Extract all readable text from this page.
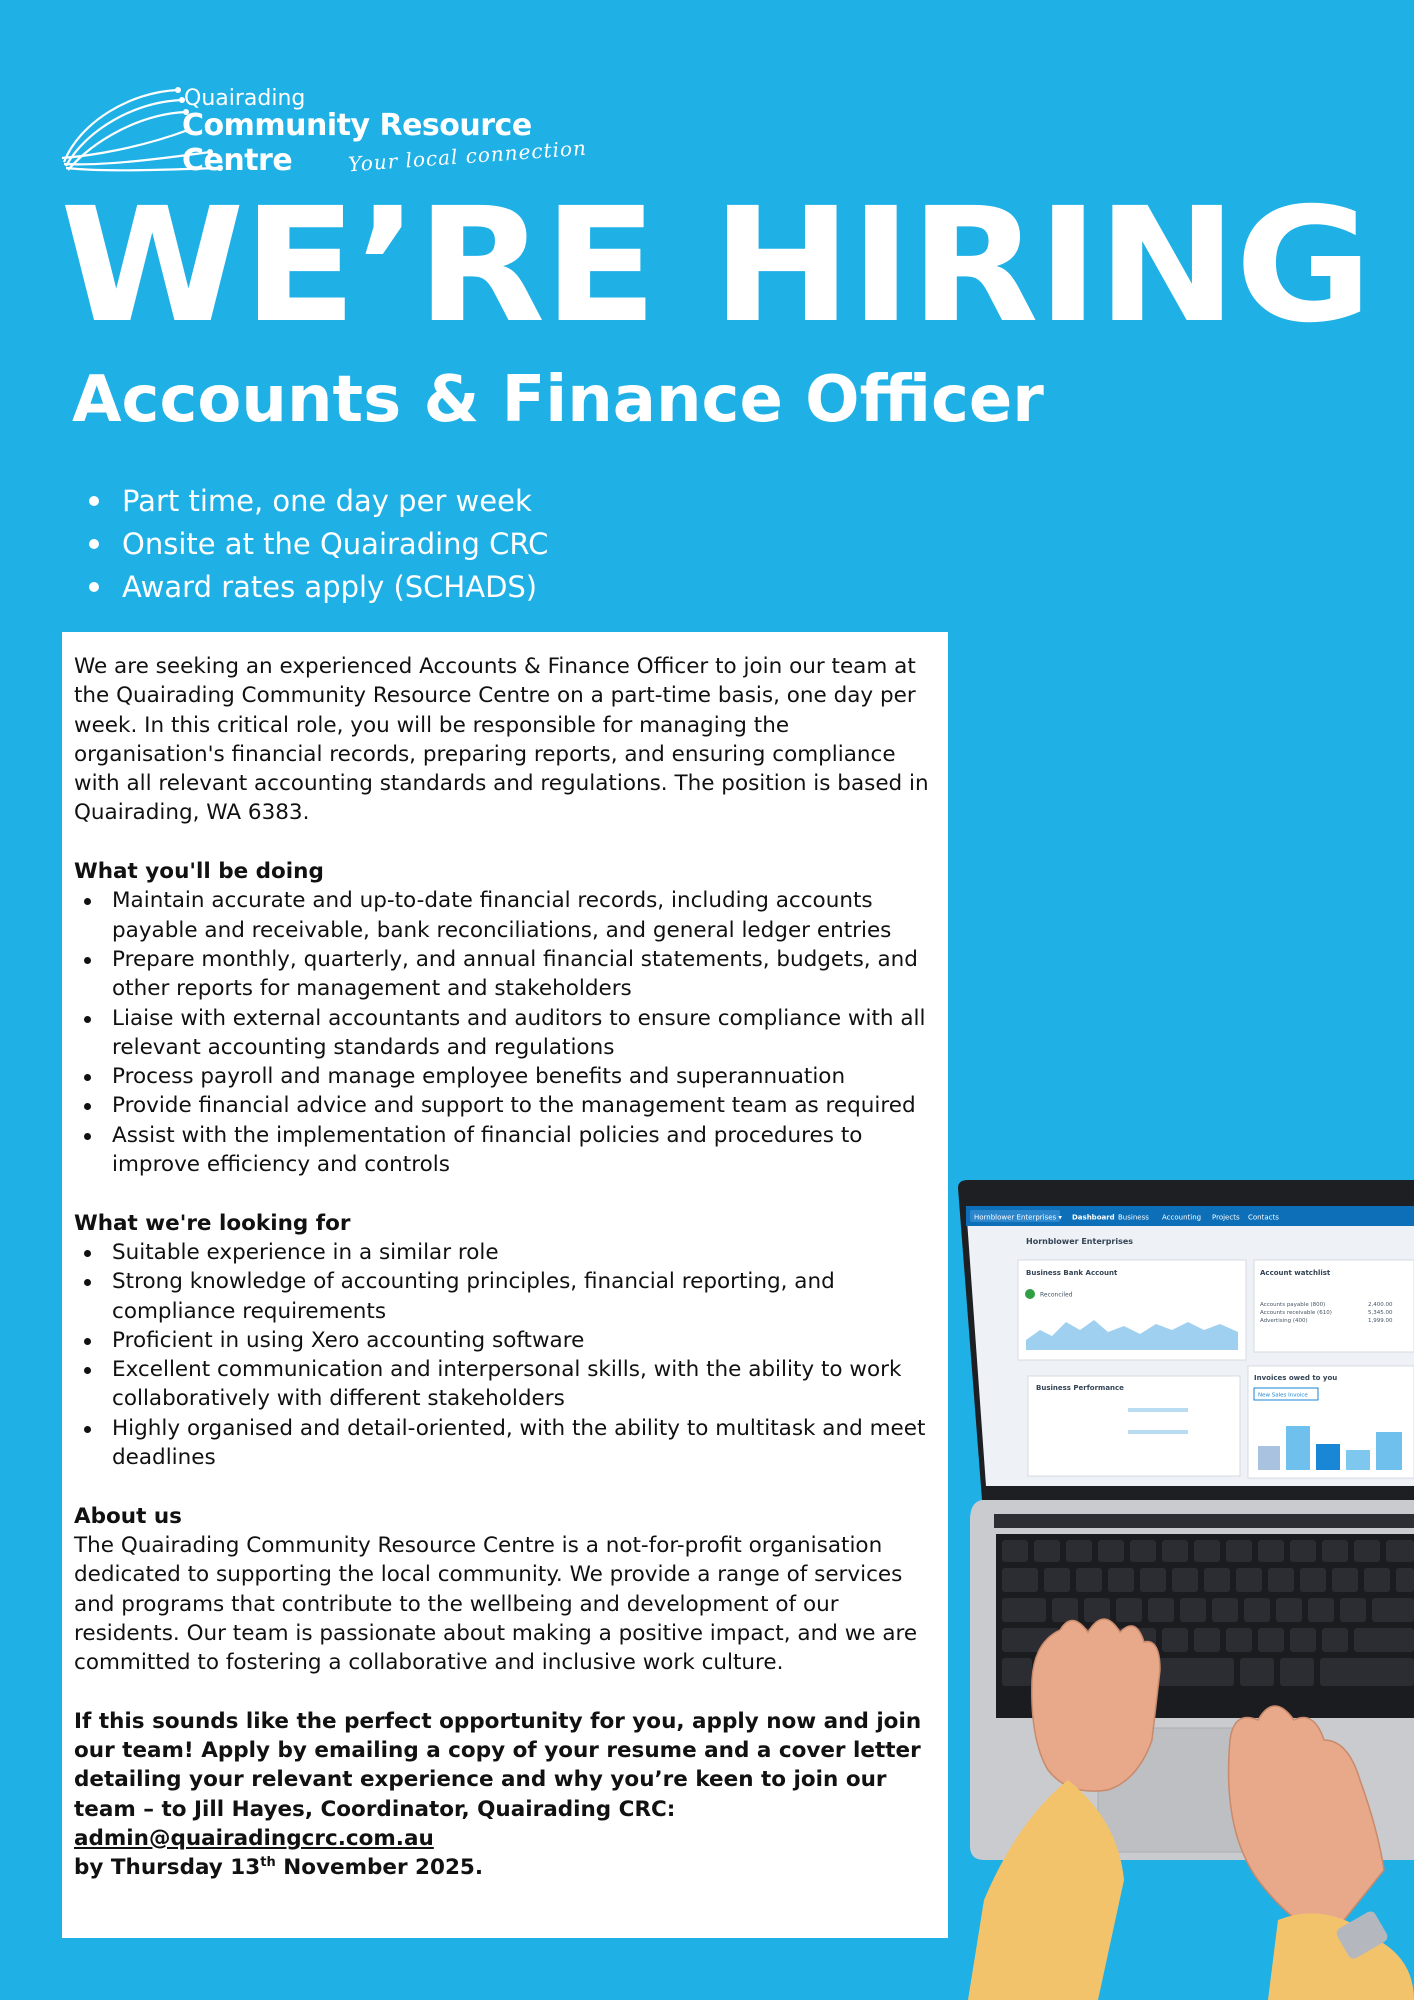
Quairading
Community Resource Centre	Your local connection
WE’RE HIRING
Accounts & Finance Officer
Part time, one day per week
Onsite at the Quairading CRC
Award rates apply (SCHADS)

We are seeking an experienced Accounts & Finance Officer to join our team at the Quairading Community Resource Centre on a part-time basis, one day per week. In this critical role, you will be responsible for managing the organisation's financial records, preparing reports, and ensuring compliance with all relevant accounting standards and regulations. The position is based in Quairading, WA 6383.

What you'll be doing
Maintain accurate and up-to-date financial records, including accounts payable and receivable, bank reconciliations, and general ledger entries
Prepare monthly, quarterly, and annual financial statements, budgets, and other reports for management and stakeholders
Liaise with external accountants and auditors to ensure compliance with all relevant accounting standards and regulations
Process payroll and manage employee benefits and superannuation
Provide financial advice and support to the management team as required
Assist with the implementation of financial policies and procedures to improve efficiency and controls
What we're looking for
Suitable experience in a similar role
Strong knowledge of accounting principles, financial reporting, and compliance requirements
Proficient in using Xero accounting software
Excellent communication and interpersonal skills, with the ability to work collaboratively with different stakeholders
Highly organised and detail-oriented, with the ability to multitask and meet deadlines
About us

The Quairading Community Resource Centre is a not-for-profit organisation dedicated to supporting the local community. We provide a range of services and programs that contribute to the wellbeing and development of our residents. Our team is passionate about making a positive impact, and we are committed to fostering a collaborative and inclusive work culture.

If this sounds like the perfect opportunity for you, apply now and join our team! Apply by emailing a copy of your resume and a cover letter detailing your relevant experience and why you’re keen to join our team – to Jill Hayes, Coordinator, Quairading CRC: admin@quairadingcrc.com.au
by Thursday 13th November 2025.

Hornblower Enterprises ▾ Dashboard Business Accounting Projects Contacts
Hornblower Enterprises
Business Bank Account
Reconciled
Account watchlist
Accounts payable (800)	2,400.00
Accounts receivable (610)	5,345.00
Advertising (400)	1,999.00
Business Performance
Invoices owed to you
New Sales Invoice
